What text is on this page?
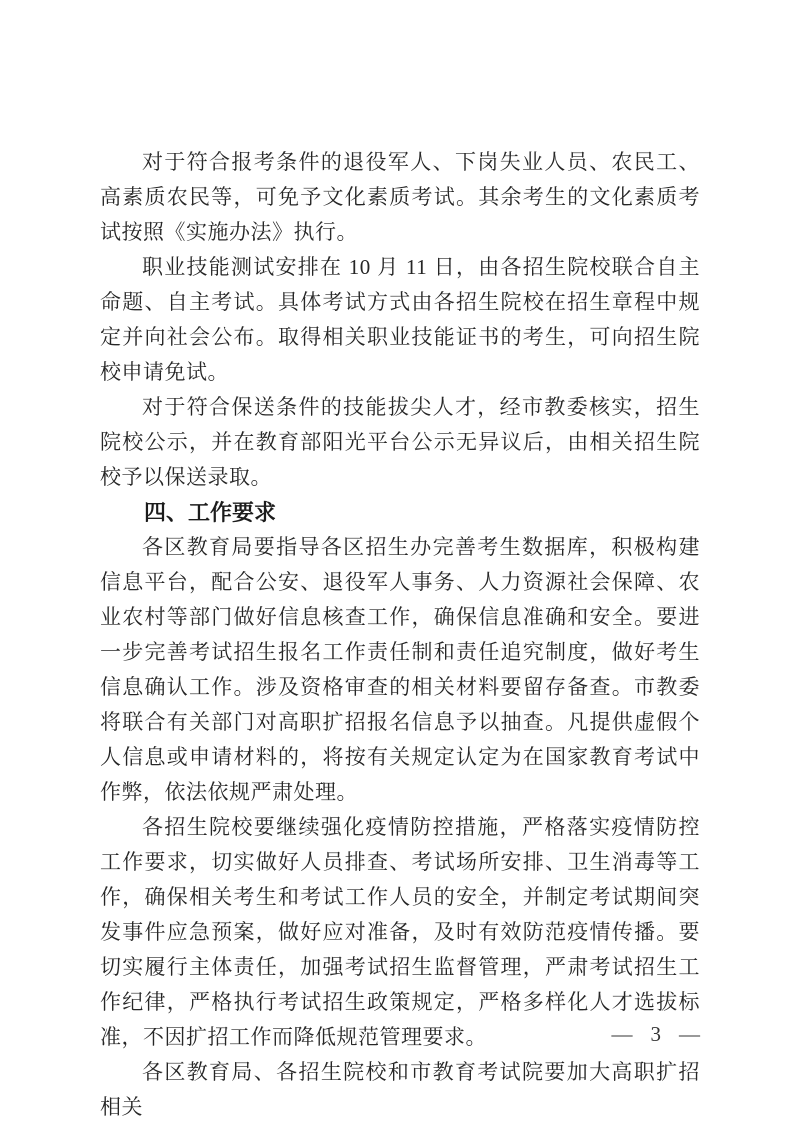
对于符合报考条件的退役军人、下岗失业人员、农民工、高素质农民等，可免予文化素质考试。其余考生的文化素质考试按照《实施办法》执行。

职业技能测试安排在 10 月 11 日，由各招生院校联合自主命题、自主考试。具体考试方式由各招生院校在招生章程中规定并向社会公布。取得相关职业技能证书的考生，可向招生院校申请免试。

对于符合保送条件的技能拔尖人才，经市教委核实，招生院校公示，并在教育部阳光平台公示无异议后，由相关招生院校予以保送录取。

四、工作要求

各区教育局要指导各区招生办完善考生数据库，积极构建信息平台，配合公安、退役军人事务、人力资源社会保障、农业农村等部门做好信息核查工作，确保信息准确和安全。要进一步完善考试招生报名工作责任制和责任追究制度，做好考生信息确认工作。涉及资格审查的相关材料要留存备查。市教委将联合有关部门对高职扩招报名信息予以抽查。凡提供虚假个人信息或申请材料的，将按有关规定认定为在国家教育考试中作弊，依法依规严肃处理。

各招生院校要继续强化疫情防控措施，严格落实疫情防控工作要求，切实做好人员排查、考试场所安排、卫生消毒等工作，确保相关考生和考试工作人员的安全，并制定考试期间突发事件应急预案，做好应对准备，及时有效防范疫情传播。要切实履行主体责任，加强考试招生监督管理，严肃考试招生工作纪律，严格执行考试招生政策规定，严格多样化人才选拔标准，不因扩招工作而降低规范管理要求。

各区教育局、各招生院校和市教育考试院要加大高职扩招相关

— 3 —
